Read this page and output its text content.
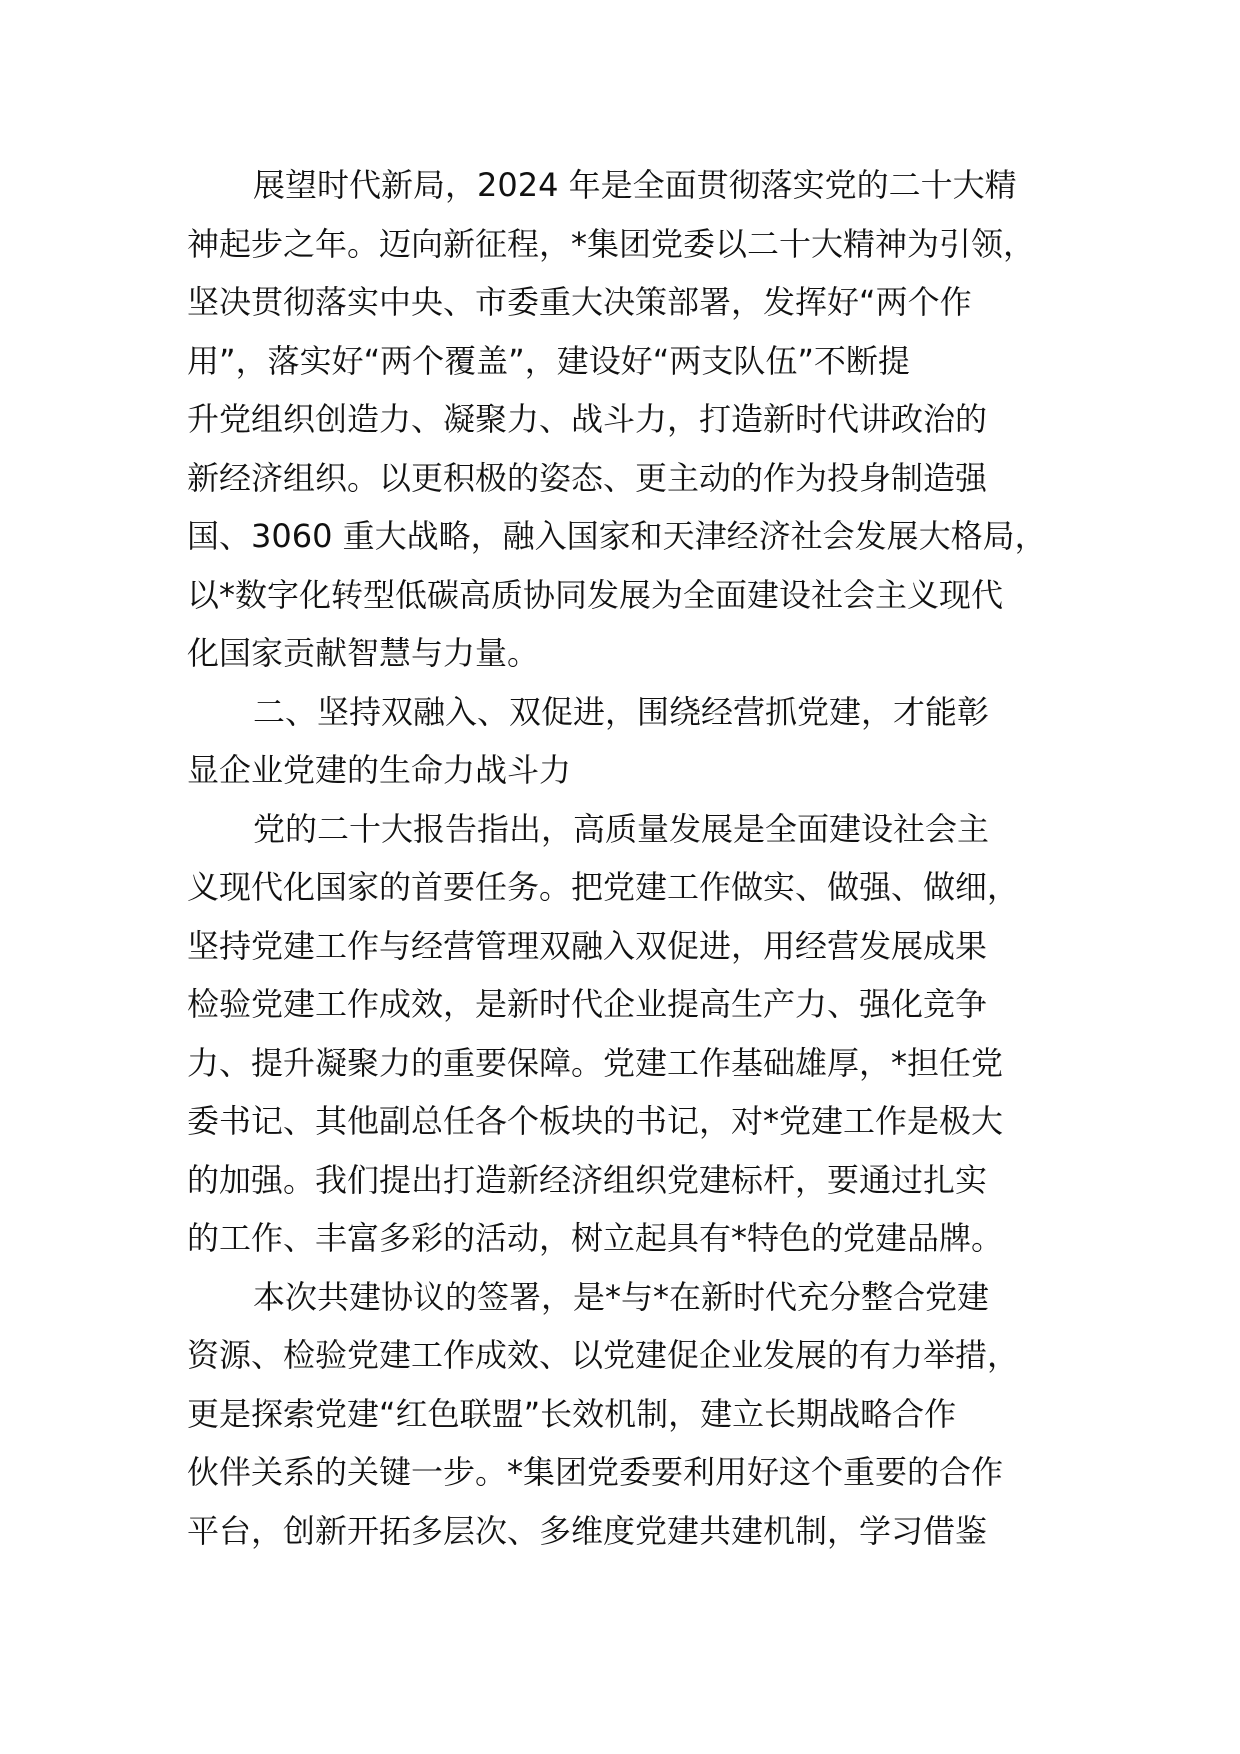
展望时代新局，2024 年是全面贯彻落实党的二十大精
神起步之年。迈向新征程，*集团党委以二十大精神为引领，
坚决贯彻落实中央、市委重大决策部署，发挥好“两个作
用”，落实好“两个覆盖”，建设好“两支队伍”不断提
升党组织创造力、凝聚力、战斗力，打造新时代讲政治的
新经济组织。以更积极的姿态、更主动的作为投身制造强
国、3060 重大战略，融入国家和天津经济社会发展大格局，
以*数字化转型低碳高质协同发展为全面建设社会主义现代
化国家贡献智慧与力量。
二、坚持双融入、双促进，围绕经营抓党建，才能彰
显企业党建的生命力战斗力
党的二十大报告指出，高质量发展是全面建设社会主
义现代化国家的首要任务。把党建工作做实、做强、做细，
坚持党建工作与经营管理双融入双促进，用经营发展成果
检验党建工作成效，是新时代企业提高生产力、强化竞争
力、提升凝聚力的重要保障。党建工作基础雄厚，*担任党
委书记、其他副总任各个板块的书记，对*党建工作是极大
的加强。我们提出打造新经济组织党建标杆，要通过扎实
的工作、丰富多彩的活动，树立起具有*特色的党建品牌。
本次共建协议的签署，是*与*在新时代充分整合党建
资源、检验党建工作成效、以党建促企业发展的有力举措，
更是探索党建“红色联盟”长效机制，建立长期战略合作
伙伴关系的关键一步。*集团党委要利用好这个重要的合作
平台，创新开拓多层次、多维度党建共建机制，学习借鉴
